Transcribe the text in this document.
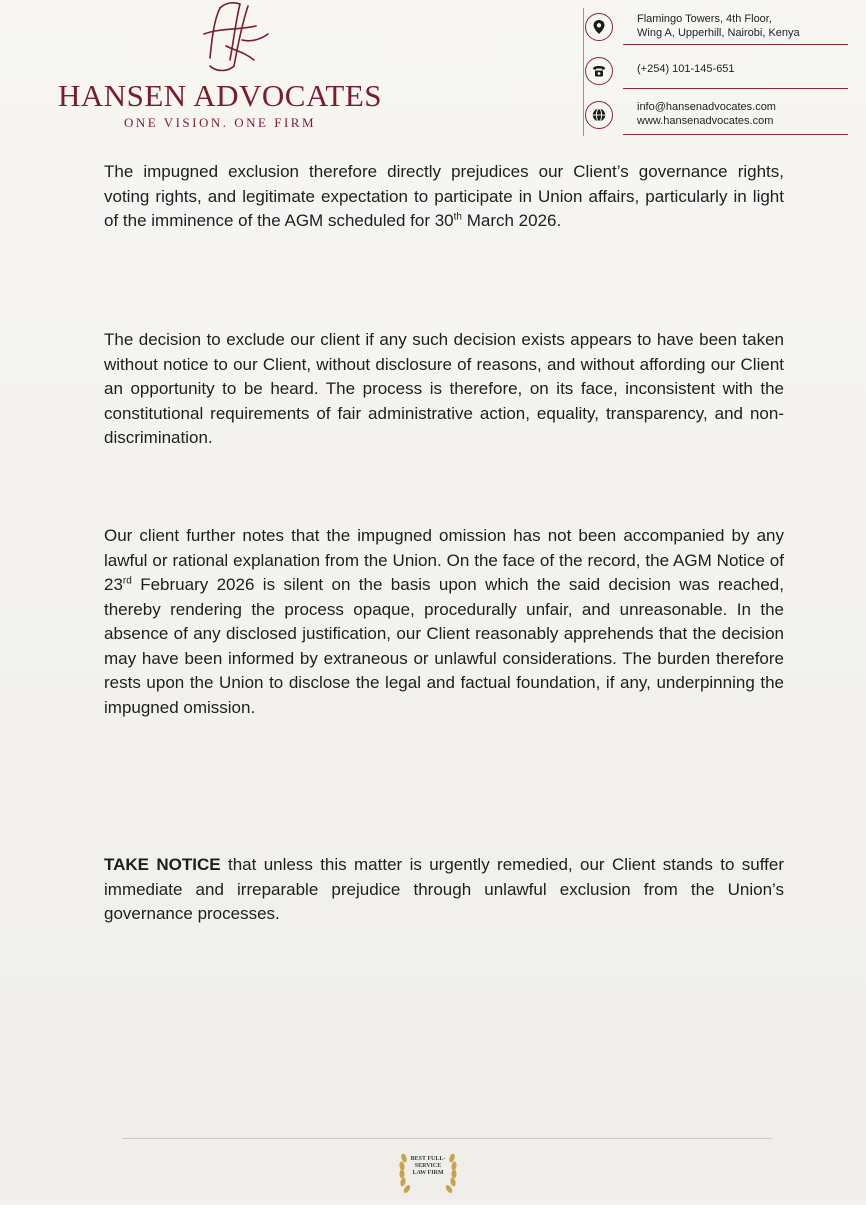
HANSEN ADVOCATES
ONE VISION. ONE FIRM
Flamingo Towers, 4th Floor,
Wing A, Upperhill, Nairobi, Kenya
(+254) 101-145-651
info@hansenadvocates.com
www.hansenadvocates.com

The impugned exclusion therefore directly prejudices our Client’s governance rights, voting rights, and legitimate expectation to participate in Union affairs, particularly in light of the imminence of the AGM scheduled for 30th March 2026.

The decision to exclude our client if any such decision exists appears to have been taken without notice to our Client, without disclosure of reasons, and without affording our Client an opportunity to be heard. The process is therefore, on its face, inconsistent with the constitutional requirements of fair administrative action, equality, transparency, and non-discrimination.

Our client further notes that the impugned omission has not been accompanied by any lawful or rational explanation from the Union. On the face of the record, the AGM Notice of 23rd February 2026 is silent on the basis upon which the said decision was reached, thereby rendering the process opaque, procedurally unfair, and unreasonable. In the absence of any disclosed justification, our Client reasonably apprehends that the decision may have been informed by extraneous or unlawful considerations. The burden therefore rests upon the Union to disclose the legal and factual foundation, if any, underpinning the impugned omission.

TAKE NOTICE that unless this matter is urgently remedied, our Client stands to suffer immediate and irreparable prejudice through unlawful exclusion from the Union’s governance processes.

BEST FULL-
SERVICE
LAW FIRM
